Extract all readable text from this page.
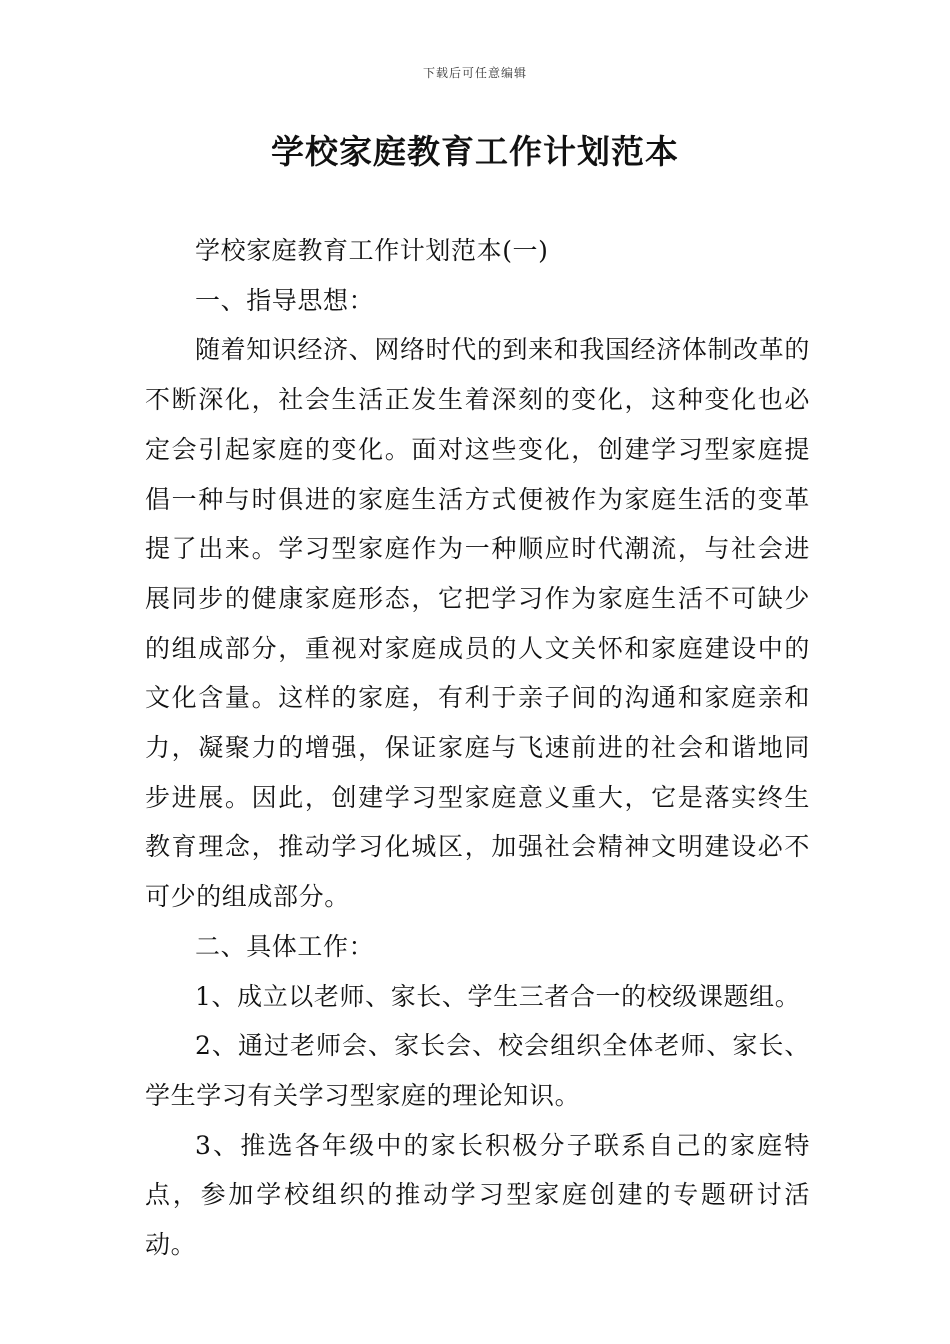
下载后可任意编辑
学校家庭教育工作计划范本

学校家庭教育工作计划范本(一)

一、指导思想：

随着知识经济、网络时代的到来和我国经济体制改革的不断深化，社会生活正发生着深刻的变化，这种变化也必定会引起家庭的变化。面对这些变化，创建学习型家庭提倡一种与时俱进的家庭生活方式便被作为家庭生活的变革提了出来。学习型家庭作为一种顺应时代潮流，与社会进展同步的健康家庭形态，它把学习作为家庭生活不可缺少的组成部分，重视对家庭成员的人文关怀和家庭建设中的文化含量。这样的家庭，有利于亲子间的沟通和家庭亲和力，凝聚力的增强，保证家庭与飞速前进的社会和谐地同步进展。因此，创建学习型家庭意义重大，它是落实终生教育理念，推动学习化城区，加强社会精神文明建设必不可少的组成部分。

二、具体工作：

1、成立以老师、家长、学生三者合一的校级课题组。

2、通过老师会、家长会、校会组织全体老师、家长、学生学习有关学习型家庭的理论知识。

3、推选各年级中的家长积极分子联系自己的家庭特点，参加学校组织的推动学习型家庭创建的专题研讨活动。
